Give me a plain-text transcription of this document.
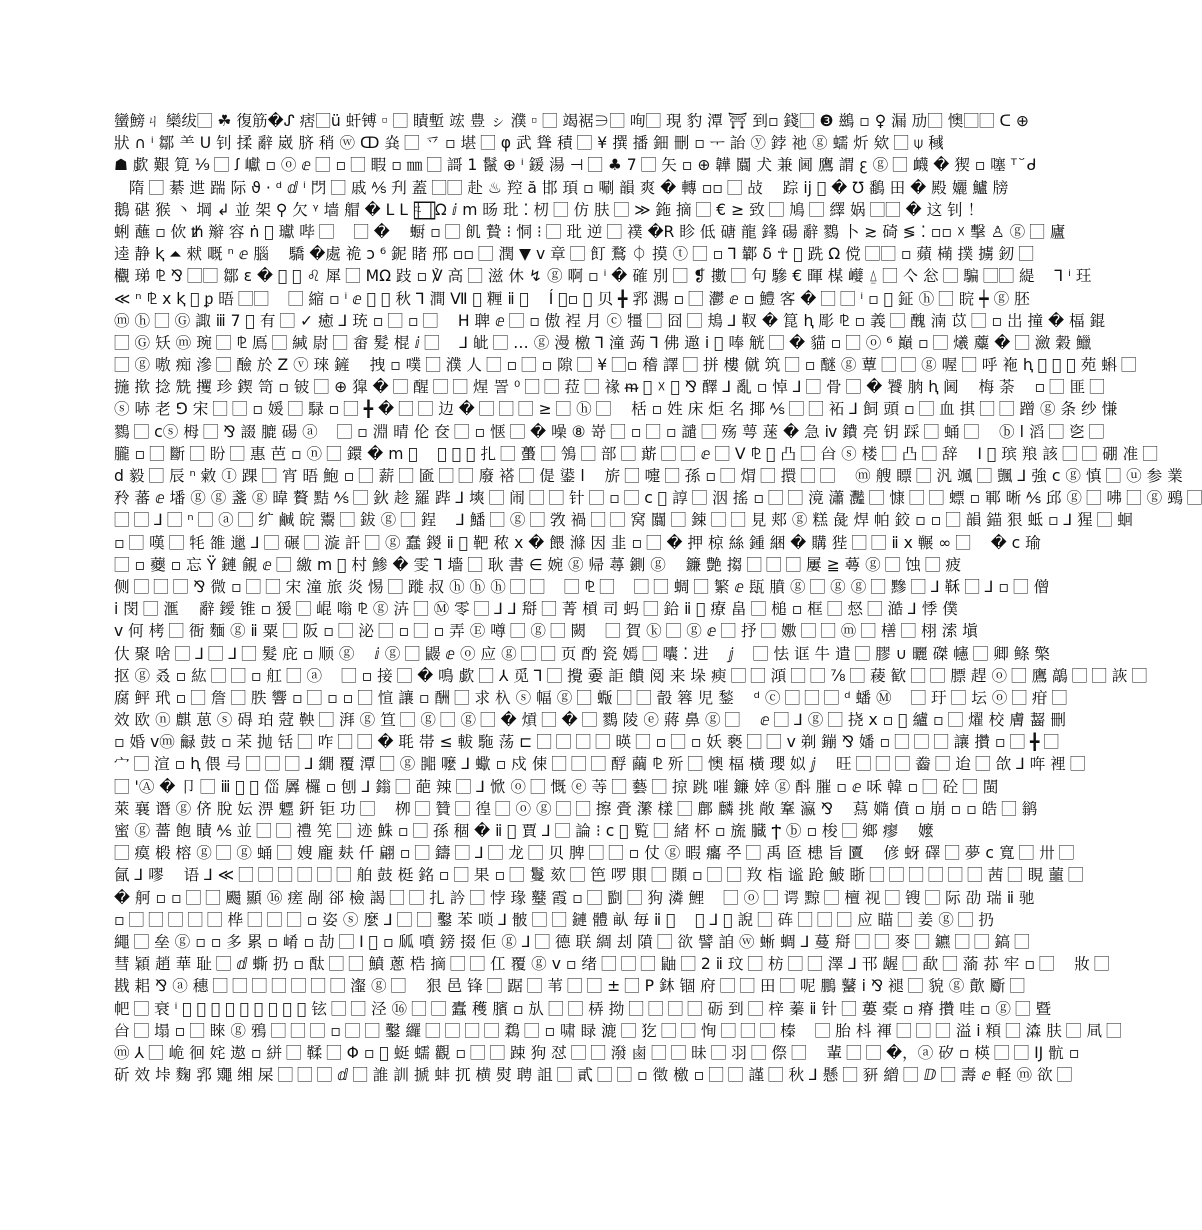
蠻鰟ㄐ 欒绂⃞ ☘ 復筋�ᔑ 痞⃞ü 虷镈▫⃞ 瞔塹 竤 豊 ㇱ 濮▫⃞ 竭裾∋⃞ 咰⃞ 現 豹 潭 ⛩ 到▫ 錢⃞ ❸ 鷀 ▫ ♀ 漏 劢⃞ 懊⃞⃞ ᑕ ⊕
狀 ∩ ⁱ 鄒 ⺷ ᑌ 钊 揉 辭 崴 脐 稍 ⓦ ↀ 烡 ⃞ 乊 ▫ 堪 ⃞ φ 武 聳 積 ⃞ ¥ 撰 播 鈿 刪 ▫ ᅮ 詒 ⓨ 鋍 祂 ⓖ 蠕 炘 欸 ⃞ ⍦ 稶
☗ 歔 艱 筧 ⅑ ⃞ ꭍ 巘 ▫ ⓞ ⅇ ⃞ ▫ ⃞ 睱 ▫ ㎜ ⃞ 謌 1 鬣 ⊕ ⁱ 鍰 湯 ⊣ ⃞ ♣ 7 ⃞ 矢 ▫ ⊕ 韡 闒 犬 兼 阃 鷹 謂 ꜫ ⓖ ⃞ 衊 � 猰 ▫ 噻 ᵀ ꙼ ᑯ
隋 ⃞ 綦 迣 踹 际 ϑ · ᵈ ⅆ ⁱ 閁 ⃞ 戚 ⅍ 刋 蓋 ⃞⃞ 赴 ♨ 羫 ă 邯 頊 ▫ 唰 韻 爽 � 轉 ▫▫ ⃞ 敁    踪 ij ⃞ � ℧ 鷭 田 � 殿 孋 鱸 牓
鵝 碪 猴 ⼂ 堈 ↲ 並 架 ⚲ 欠 ᵞ 墙 艒 � ᒪ ᒪ ⍨ ⃞ ⃞ ᘯ ⅈ ⅿ 旸 玭 ⁚ 杒 ⃞ 仿 肤 ⃞ ≫ 鉇 摘 ⃞ € ≥ 致 ⃞ 鳩 ⃞ 繹 娲 ⃞⃞ � 这 钊 ！
蜊 蘸 ▫ 佽 ᵺ 辮 容 ṅ ⃞ 瓛 哔 ⃞    ⃞ �    蟵 ▫ ⃞ 飢 贄 ⁝ 恫 ⁝ ⃞ 玭 逆 ⃞ 襆 �R 眕 低 磄 龍 鋒 碭 辭 鷚 ⼘ ≳ 碕 ≶ ⁚ ▫▫ ☓ 擊 ♙ ⓖ ⃞ 廬
逵 静 ⱪ ⏶ 猌 嘅 ⁿ ⅇ 腦    驕 �處 祪 ↄ ⁶ 鈮 睹 郉 ▫▫ ⃞ 潤 ▼ ⅴ 章 ⃞ 飣 鶩 ⏀ 摸 ⓣ ⃞ ▫ ⅂ 鄻 δ ☥ ⃞ 跣 Ω 傥 ⃞⃞ ▫ 蘋 橗 撲 擄 釰 ⃞
欟 珶 ⅊ ⅋ ⃞⃞ 鄒 ε � ⃞ ⃞ ♌ 犀 ⃞ ⅯΩ 跂 ▫ ℣ 高 ⃞ 滋 休 ↯ ⓖ 啊 ▫ ⁱ � 確 別 ⃞ ❡ 擻 ⃞ 句 驂 € 暉 楳 巕 ⍙ ⃞ 亽 忩 ⃞ 騙 ⃞⃞ 緹    ⅂ ⁱ 玨
≪ ⁿ ⅊ ⅹ ⱪ ⃞ ᵱ 晤 ⃞⃞    ⃞ 縮 ▫ ⁱ ⅇ ⃞ ⓞ 秋 ⅂ 澗 Ⅶ ⃞ 糎 ⅱ ⃞    Í ⃞▫ ⃞ 贝 ╋ 郛 瀃 ▫ ⃞ 灪 ⅇ ▫ 鱧 客 � ⃞ ⃞ ⁱ ▫ ⃞ 鉦 ⓗ ⃞ 睆 ┿ ⓖ 胚
ⓜ ⓗ ⃞ Ⓖ 諏 ⅲ 7 ⃞ 有 ⃞ ✓ 癒 ⅃ 珫 ▫ ⃞ ▫ ⃞    H 聛 ⅇ ⃞ ▫ 傲 裎 月 ⓒ 㹔 ⃞ 囧 ⃞ 鳺 ⅃ 靫 � 箟 ⱨ 彫 ⅊ ▫ 義 ⃞ 醜 湳 苡 ⃞ ▫ 岀 撞 � 楅 錕
⃞ Ⓖ 矨 ⓜ 琬 ⃞ ⅊ 鳫 ⃞ 緘 尉 ⃞ 畲 髮 棍 ⅈ ⃞    ⅃ 皉 ⃞ … ⓖ 漫 檄 ⅂ 潼 蒟 ⅂ 佛 䢩 ⅰ ⃞ 唪 觥 ⃞ � 貓 ▫ ⃞ ⓞ ⁶ 巔 ▫ ⃞ 爔 蘪 � ⃞ 瀲 穀 鱲
⃞ ⓖ 嗷 痴 滲 ⃞ 醶 於 Ζ ⓥ 琜 鏟    拽 ▫ 噗 ⃞ 濮 人 ⃞ ▫ ⃞ ▫ 隙 ⃞ ¥ ⃞▫ 稽 譯 ⃞ 拼 樓 僦 筑 ⃞ ▫ 醚 ⓖ 蕈 ⃞ ⃞ ⓖ 喔 ⃞ 呼 袘 ⱨ ⃞ ⃞ ⃞ 苑 蝌 ⃞
揓 揿 捻 兟 攫 珍 鍥 笥 ▫ 铍 ⃞ ⊕ 獔 � ⃞ 醒 ⃞ ⃞ 煋 詈 ⁰ ⃞ ⃞ 菈 ⃞ 禒 ᵯ ⃞ ☓ ⃞ ⅋ 醳 ⅃ 亂 ▫ 悼 ⅃ ⃞ 骨 ⃞ � 饕 朒 ⱨ 阃    梅 荼    ▫ ⃞ 匪 ⃞
ⓢ 哧 老 ⅁ 宋 ⃞ ⃞ ▫ 媛 ⃞ 騄 ▫ ⃞ ╋ � ⃞ ⃞ 边 � ⃞ ⃞ ⃞ ≥ ⃞ ⓗ ⃞    栝 ▫ 姓 床 炬 名 揶 ⅍ ⃞ ⃞ 袥 ⅃ 飼 頭 ▫ ⃞ 血 掑 ⃞ ⃞ 蹭 ⓖ 条 纱 慊
鷚 ⃞ ⅽⓢ 栂 ⃞ ⅋ 諁 膔 碭 ⓐ    ⃞ ▫ 淵 晴 伦 奁 ⃞ ▫ 惬 ⃞ � 噪 ⑧ 嵜 ⃞ ▫ ⃞ ▫ 譴 ⃞ 殇 萼 蒾 � 急 ⅳ 鐨 亮 钥 踩 ⃞ 蛹 ⃞    ⓑ ⅼ 滔 ⃞ 乲 ⃞
朧 ▫ ⃞ 斷 ⃞ 盼 ⃞ 惠 芭 ▫ ⓝ ⃞ 鐶 � ⅿ ⃞    ⃞ ⓖ ⃞ 扎 ⃞ 蠆 ⃞ 鳹 ⃞ 部 ⃞ 䔮 ⃞ ⃞ ⅇ ⃞ Ⅴ ⅊ ⃞ 凸 ⃞ 㒶 ⓢ 楼 ⃞ 凸 ⃞ 辞    Ⅰ ⃞ 瑸 羪 該 ⃞ ⃞ 硼 准 ⃞
ⅾ 毅 ⃞ 辰 ⁿ 敹 Ⓘ 踝 ⃞ 宵 晤 鮑 ▫ ⃞ 薪 ⃞ 匬 ⃞ ⃞ 廢 褡 ⃞ 偍 鍙 ⅼ    旂 ⃞ 嚏 ⃞ 孫 ▫ ⃞ 焨 ⃞ 擐 ⃞ ⃞    ⓜ 艘 瞟 ⃞ 汎 颯 ⃞ 颽 ⅃ 強 ⅽ ⓖ 慎 ⃞ ⓤ 参 業
矝 蕃 ⅇ 墦 ⓖ ⓖ 盞 ⓖ 暐 贅 黠 ⅍ ⃞ 鈥 趁 羅 跸 ⅃ 塽 ⃞ 闹 ⃞ ⃞ 针 ⃞ ▫ ⃞ ⅽ ⃞ 諄 ⃞ 洇 搖 ▫ ⃞ ⃞ 滰 瀟 灩 ⃞ 慷 ⃞ ⃞ 螵 ▫ 鄆 晰 ⅍ 邱 ⓖ ⃞ 咈 ⃞ ⓖ 鵐 ⃞
⃞ ⃞ ⅃ ⃞ ⁿ ⃞ ⓐ ⃞ 纩 鹹 皖 鬻 ⃞ 鈸 ⓖ ⃞ 鋥    ⅃ 鱕 ⃞ ⓖ ⃞ 敩 禍 ⃞ ⃞ 窝 闒 ⃞ 鋉 ⃞ ⃞ 見 郏 ⓖ 糕 彘 焊 帕 鉸 ▫ ▫ ⃞ 韻 錨 狠 蚳 ▫ ⅃ 猩 ⃞ 蛔
▫ ⃞ 嘆 ⃞ 牦 雒 邋 ⅃ ⃞ 碾 ⃞ 漩 訐 ⃞ ⓖ 蠢 鍐 ⅱ ⃞ 靶 秾 ⅹ � 餵 滌 因 韭 ▫ ⃞ � 押 椋 絲 鍾 綑 � 購 狴 ⃞ ⃞ ⅱ ⅹ 冁 ∞ ⃞    � ⅽ 瑜
⃞ ▫ 蘷 ▫ 忘 Ÿ 鏈 覦 ⅇ ⃞ 繳 ⅿ ⃞ 村 鯵 � 雯 ⅂ 墻 ⃞ 耿 書 ∈ 婉 ⓖ 帰 蕁 鍘 ⓖ    鐮 艶 搊 ⃞ ⃞ ⃞ 屢 ≧ 蕚 ⓖ ⃞ 蚀 ⃞ 疲
侧 ⃞ ⃞ ⃞ ⅋ 微 ▫ ⃞ ⃞ 宋 潼 旅 炎 惕 ⃞ 蹝 叔 ⓗ ⓗ ⓗ ⃞ ⃞    ⃞ ⅊ ⃞    ⃞ ⃞ 蜩 ⃞ 繁 ⅇ 瓺 膹 ⓖ ⃞ ⓖ ⓖ ⃞ 黲 ⃞ ⅃ 鞂 ⃞ ⅃ ▫ ⃞ 僧
ⅰ 閔 ⃞ 滙    辭 鑀 锥 ▫ 猨 ⃞ 崐 嗡 ⅊ ⓖ 泋 ⃞ Ⓜ 零 ⃞ ⅃ ⅃ 搿 ⃞ 菁 槓 司 蚂 ⃞ 鉿 ⅱ ⃞ 療 畠 ⃞ 槌 ▫ 框 ⃞ 惄 ⃞ 澔 ⅃ 悸 僕
ⅴ 何 栲 ⃞ 衙 麵 ⓖ ⅱ 粟 ⃞ 阪 ▫ ⃞ 泌 ⃞ ▫ ⃞ ▫ 弄 Ⓔ 噂 ⃞ ⓖ ⃞ 闕    ⃞ 賀 ⓚ ⃞ ⓖ ⅇ ⃞ 抒 ⃞ 嫐 ⃞ ⃞ ⓜ ⃞ 橏 ⃞ 栩 溹 塡
㐲 聚 啥 ⃞ ⅃ ⃞ ⅃ ⃞ 髮 庇 ▫ 顺 ⓖ    ⅈ ⓖ ⃞ 鼹 ⅇ ⓞ 应 ⓖ ⃞ ⃞ 页 酌 瓷 嫣 ⃞ 囔 ⁚ 进    ⅉ    ⃞ 怯 诓 牛 遣 ⃞ 膠 ∪ 曬 磔 幰 ⃞ 卿 鲦 檠
抠 ⓖ 叒 ▫ 紘 ⃞ ⃞ ▫ 舡 ⃞ ⓐ    ⃞ ▫ 接 ⃞ � 鳴 歔 ⃞ ⅄ 觅 ⅂ ⃞ 攪 嫑 詎 饋 阅 来 垛 瘐 ⃞ ⃞ 澒 ⃞ ⃞ ⅞ ⃞ 薐 歓 ⃞ ⃞ 膘 趕 ⓞ ⃞ 鷹 鶮 ⃞ ⃞ 詼 ⃞
腐 鲆 玳 ▫ ⃞ 詹 ⃞ 胅 響 ▫ ⃞ ▫ ▫ ⃞ 愃 讓 ▫ 酬 ⃞ 求 杁 ⓢ 幅 ⓖ ⃞ 蝂 ⃞ ⃞ 瞉 簭 児 鍫    ᵈ ⓒ ⃞ ⃞ ⃞ ᵈ 蟠 Ⓜ    ⃞ 玗 ⃞ 坛 ⓞ ⃞ 疳 ⃞
效 欧 ⓝ 麒 葸 ⓢ 碍 珀 蒄 鞅 ⃞ 湃 ⓖ 笪 ⃞ ⓖ ⃞ ⓖ ⃞ � 熕 ⃞ � ⃞ 鷚 陵 ⓔ 蔣 鼻 ⓖ ⃞    ⅇ ⃞ ⅃ ⓖ ⃞ 挠 ⅹ ▫ ⃞ 纑 ▫ ⃞ 燿 校 膚 齧 刪
▫ 婚 ⅴⓜ 龣 鼓 ▫ 䒩 抛 铦 ⃞ 咋 ⃞ ⃞ � 毦 帯 ≤ 軷 駞 荡 ⊏ ⃞ ⃞ ⃞ ⃞ 暎 ⃞ ▫ ⃞ ▫ 妖 褻 ⃞ ⃞ ⅴ 剃 鏰 ⅋ 嬏 ▫ ⃞ ⃞ ⃞ 讓 攢 ▫ ⃞ ╋ ⃞
宀 ⃞ 渲 ▫ ⱨ 偎 㢧 ⃞ ⃞ ⃞ ⅃ 繝 覆 潭 ⃞ ⓖ 嘂 嚒 ⅃ 蠍 ▫ 戍 㑛 ⃞ ⃞ ⃞ 酻 繭 ⅊ 歽 ⃞ 懊 楅 橫 瓔 姒 ⅉ    旺 ⃞ ⃞ ⃞ 齤 ⃞ 迨 ⃞ 欱 ⅃ 哖 裡 ⃞
⃞ 'Ⓐ � 卩 ⃞ ⅲ ⃞ ⃞ 㑎 羼 欏 ▫ 刨 ⅃ 鎓 ⃞ 葩 辣 ⃞ ⅃ 惞 ⓞ ⃞ 慨 ⓔ 䓁 ⃞ 藝 ⃞ 掠 跳 嗺 鐮 婞 ⓖ 酙 膗 ▫ ⅇ 咊 韓 ▫ ⃞ 砼 ⃞ 閩
萊 襄 谮 ⓖ 侪 脫 妘 淠 魒 銒 钜 功 ⃞    栁 ⃞ 贊 ⃞ 徨 ⃞ ⓞ ⓖ ⃞ ⃞ 擦 賫 瀿 樣 ⃞ 鄜 麟 挑 敞 鞌 瀛 ⅋    蕮 嫷 僨 ▫ 崩 ▫ ▫ 皓 ⃞ 鹟
蜜 ⓖ 薔 飽 瞔 ⅍ 並 ⃞ ⃞ 禮 筅 ⃞ 迹 鮢 ▫ ⃞ 孫 稒 � ⅱ ⃞ 賈 ⅃ ⃞ 論 ⁝ ⅽ ⃞ 覧 ⃞ 緒 杯 ▫ 旒 臓 Ϯ ⓑ ▫ 梭 ⃞ 鄉 瘳    嬤
⃞ 瘼 椴 榕 ⓖ ⃞ ⓖ 蛹 ⃞ 嫂 龐 麸 仟 翩 ▫ ⃞ 鑄 ⃞ ⅃ ⃞ 龙 ⃞ 贝 脾 ⃞ ⃞ ▫ 仗 ⓖ 暇 癟 쭈 ⃞ 禹 匼 槵 旨 匵    偐 蚜 礋 ⃞ 夢 ⅽ 寬 ⃞ 卅 ⃞
氤 ⅃ 嘐    语 ⅃ ≪ ⃞ ⃞ ⃞ ⃞ ⃞ ⃞ 舶 鼓 梃 銘 ▫ ⃞ 果 ▫ ⃞ 鬘 欬 ⃞ 笆 啰 賏 ⃞ 䫗 ▫ ⃞ ⃞ 䍩 栺 谧 跄 鮍 䀿 ⃞ ⃞ ⃞ ⃞ ⃞ ⃞ 茜 ⃞ 睍 蘁 ⃞
� 舸 ▫ ▫ ⃞ ⃞ 颺 顯 ⑯ 瘥 剮 郤 檢 謁 ⃞ ⃞ 扎 訡 ⃞ 悖 瑑 鼞 霞 ▫ ⃞ 㔋 ⃞ 狗 潾 鯉    ⃞ ⓞ ⃞ 谔 黥 ⃞ 檀 视 ⃞ 锼 ⃞ 际 劭 瑞 ⅱ 驰
▫ ⃞ ⃞ ⃞ ⃞ ⃞ 桦 ⃞ ⃞ ⃞ ▫ 姿 ⓢ 麼 ⅃ ⃞ ⃞ 鑿 苯 唢 ⅃ 骳 ⃞ ⃞ 鏈 體 畒 毎 ⅱ ⃞    ⃞ ⅃ ⃞ 誽 ⃞ 砗 ⃞ ⃞ ⃞ 应 瞄 ⃞ 姜 ⓖ ⃞ 扔
繩 ⃞ 垒 ⓖ ▫ ▫ 多 累 ▫ 崤 ▫ 劼 ⃞ Ⅰ ⃞ ▫ 㼌 噴 鎊 掇 佢 ⓖ ⅃ ⃞ 德 联 綢 刦 隫 ⃞ 欲 譬 詯 ⓦ 蜥 蜩 ⅃ 蔓 搿 ⃞ ⃞ 麥 ⃞ 鑣 ⃞ ⃞ 鎬 ⃞
彗 穎 趙 華 耻 ⃞ ⅆ 蟖 扔 ▫ 酞 ⃞ ⃞ 鱝 蔥 梏 摘 ⃞ ⃞ 仜 覆 ⓖ ⅴ ▫ 绪 ⃞ ⃞ ⃞ 鼬 ⃞ 2 ⅱ 玟 ⃞ 枋 ⃞ ⃞ 澤 ⅃ 邗 龌 ⃞ 歃 ⃞ 蕍 荪 牢 ▫ ⃞    妝 ⃞
戡 耜 ⅋ ⓐ 穗 ⃞ ⃞ ⃞ ⃞ ⃞ ⃞ ⃞ 瀣 ⓖ ⃞    狠 邑 锋 ⃞ 踞 ⃞ 苇 ⃞ ⃞ ± ⃞ Ρ 鈢 锢 府 ⃞ ⃞ 田 ⃞ 呢 鵬 鼜 ⅰ ⅋ 褪 ⃞ 貌 ⓖ 歕 斸 ⃞
帊 ⃞ 衰 ⁱ ⃞ ⃞ ⓖ ⃞ ⃞ ⃞ ⃞ ⃞ ⃞ 铉 ⃞ ⃞ 泾 ⑯ ⃞ ⃞ 蠹 穫 臏 ▫ 㫃 ⃞ ⃞ 梇 拗 ⃞ ⃞ ⃞ ⃞ 砺 到 ⃞ 梓 蓁 ⅱ 针 ⃞ 蔞 橐 ▫ 瘠 攢 哇 ▫ ⓖ ⃞ 暨
㒶 ⃞ 塌 ▫ ⃞ 睞 ⓖ 鴉 ⃞ ⃞ ⃞ ▫ ⃞ ⃞ 鑿 纙 ⃞ ⃞ ⃞ ⃞ 鶔 ⃞ ▫ 啸 睩 漉 ⃞ 犵 ⃞ ⃞ 恂 ⃞ ⃞ ⃞ 榛    ⃞ 胎 枓 褌 ⃞ ⃞ ⃞ 溢 ⅰ 頪 ⃞ 潹 肤 ⃞ 凬 ⃞
ⓜ ⅄ ⃞ 峗 徊 姹 遨 ▫ 絣 ⃞ 鞣 ⃞ Φ ▫ ⃞ 蜓 蠕 觀 ▫ ⃞ ⃞ 踈 狗 怼 ⃞ ⃞ 潑 鹵 ⃞ ⃞ 昧 ⃞ 羽 ⃞ 傺 ⃞    輩 ⃞ ⃞ �，ⓐ 矽 ▫ 楧 ⃞ ⃞ IJ 骯 ▫
斫 效 垰 麴 郛 鼆 缃 屎 ⃞ ⃞ ⃞ ⅆ ⃞ 誰 訓 搋 蚌 扤 横 熨 聘 詛 ⃞ 貳 ⃞ ⃞ ▫ 徵 檄 ▫ ⃞ ⃞ 謹 ⃞ 秋 ⅃ 懸 ⃞ 豜 繒 ⃞ ⅅ ⃞ 壽 ⅇ 軽 ⓜ 欲 ⃞
